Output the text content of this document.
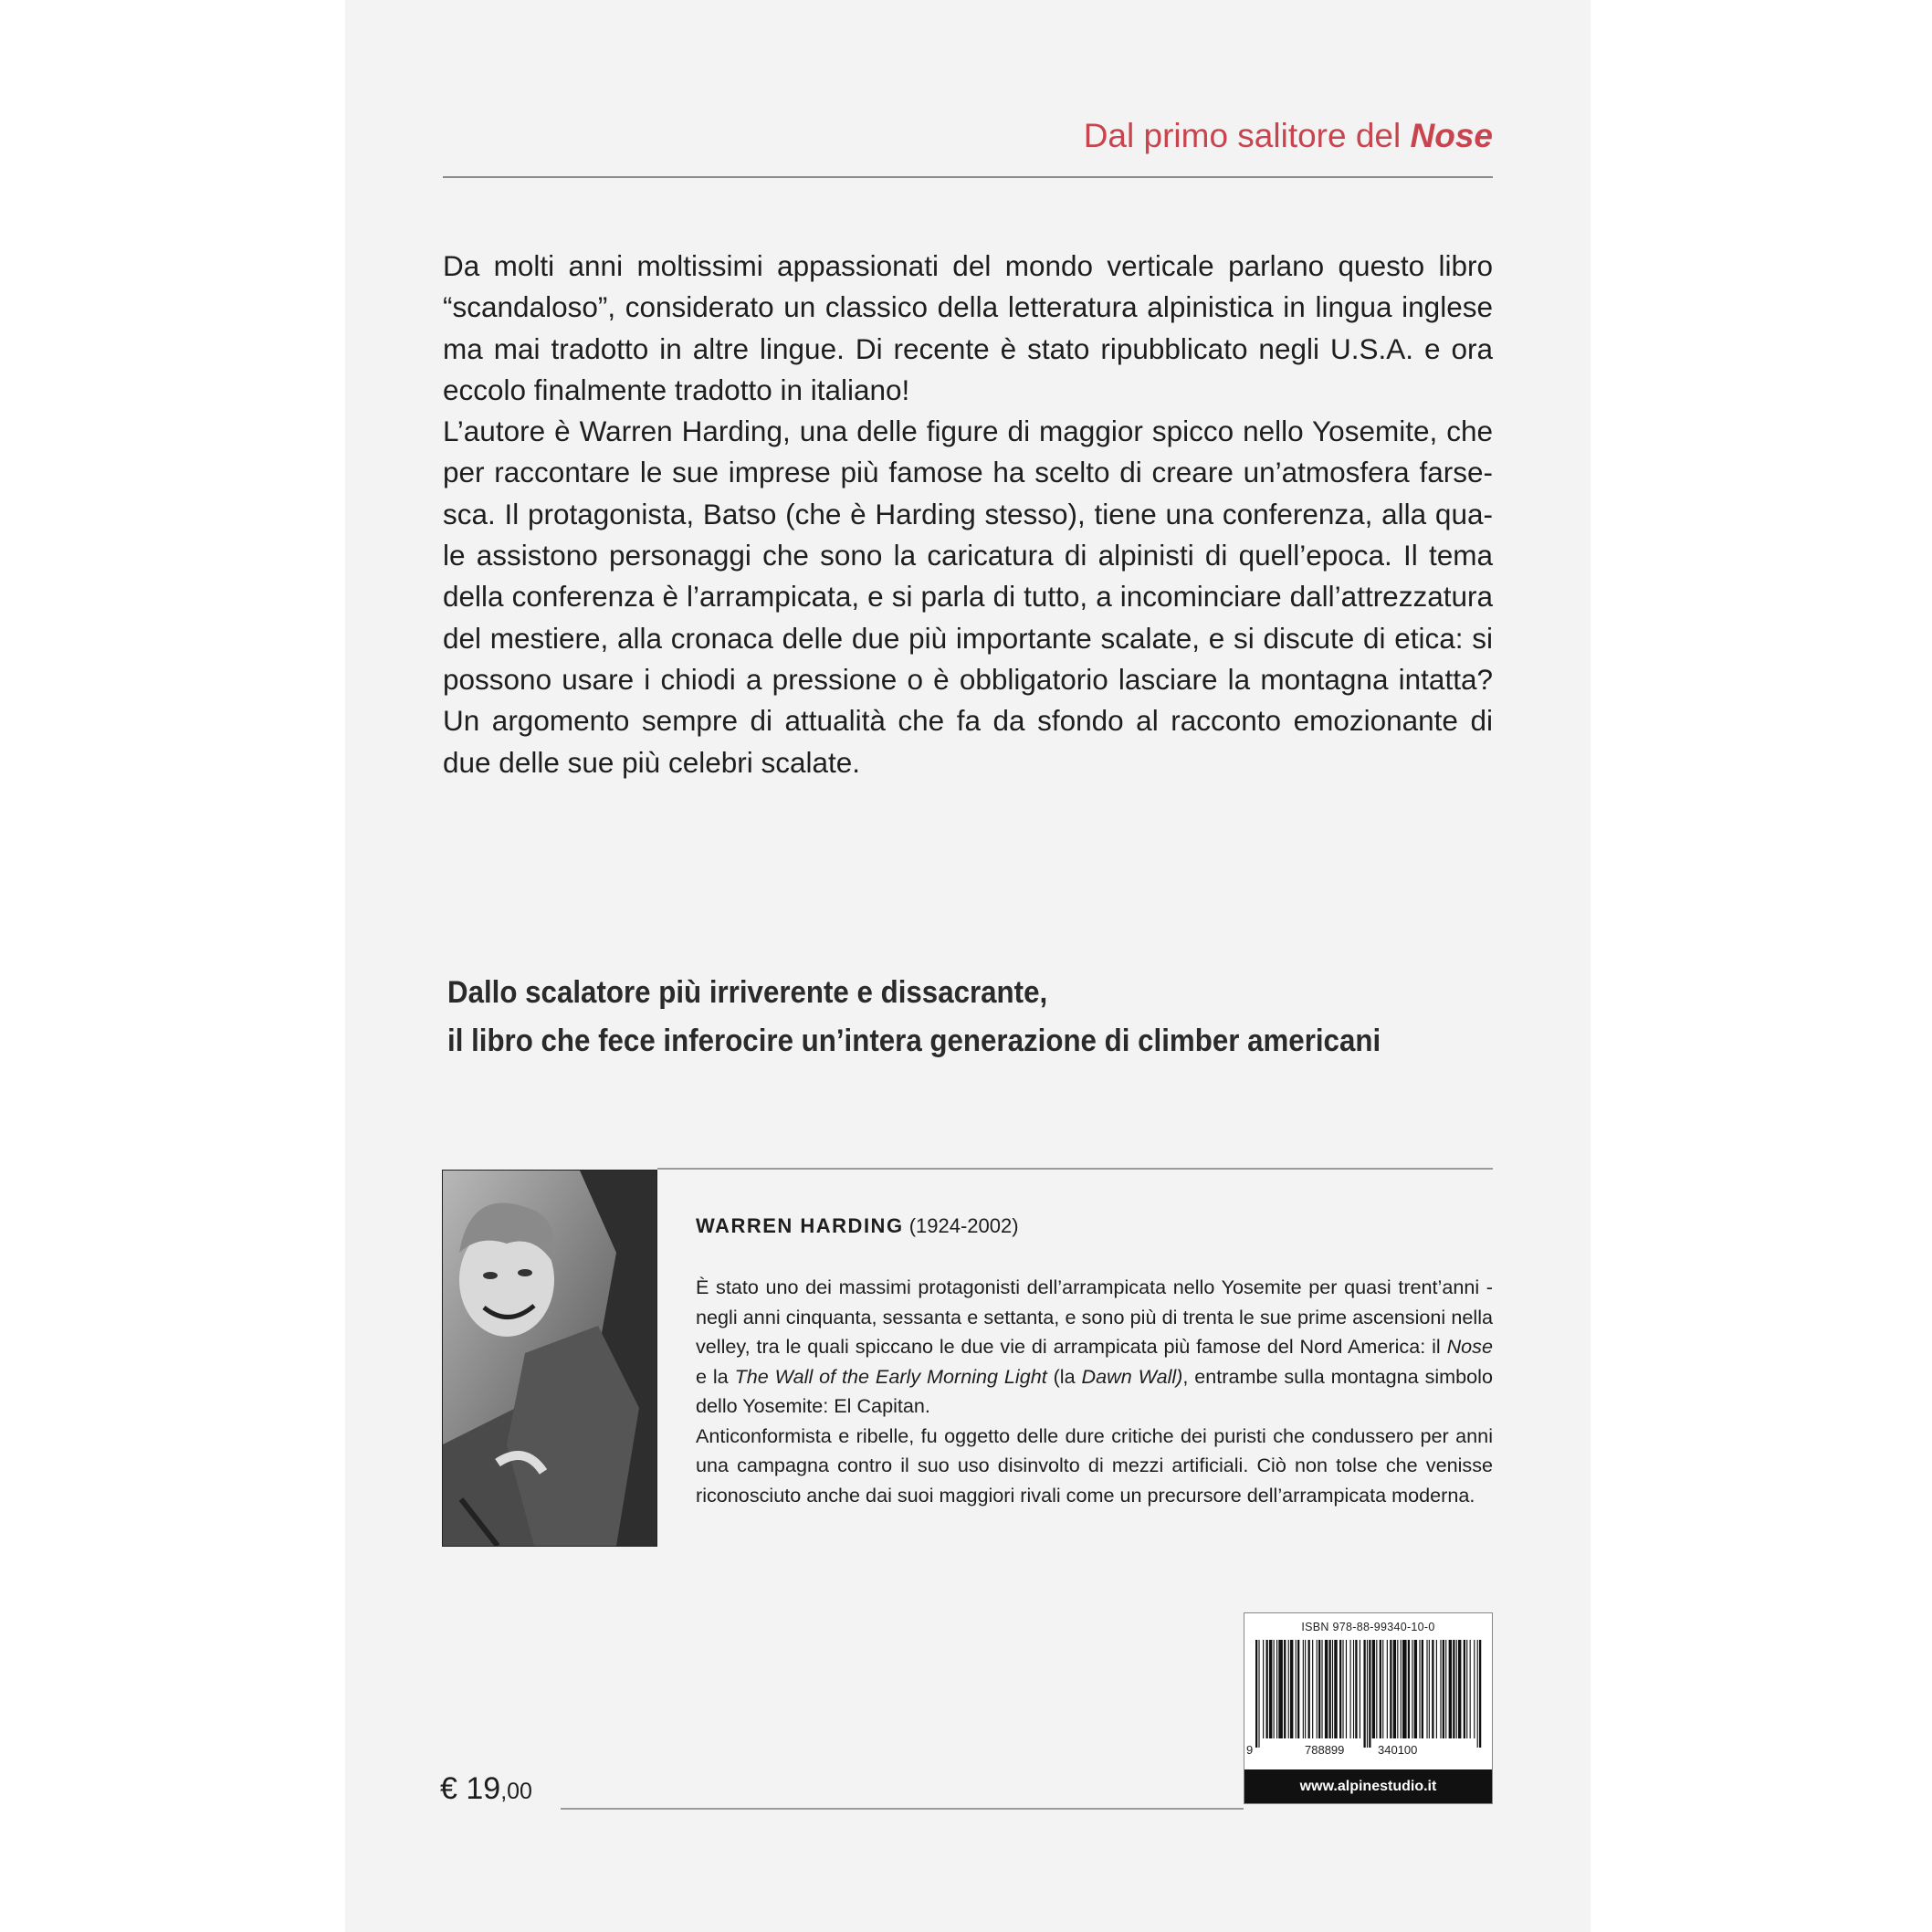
Dal primo salitore del Nose

Da molti anni moltissimi appassionati del mondo verticale parlano questo libro “scandaloso”, considerato un classico della letteratura alpinistica in lingua inglese ma mai tradotto in altre lingue. Di recente è stato ripubblicato negli U.S.A. e ora eccolo finalmente tradotto in italiano!

L’autore è Warren Harding, una delle figure di maggior spicco nello Yosemite, che per raccontare le sue imprese più famose ha scelto di creare un’atmosfera farsesca. Il protagonista, Batso (che è Harding stesso), tiene una conferenza, alla quale assistono personaggi che sono la caricatura di alpinisti di quell’epoca. Il tema della conferenza è l’arrampicata, e si parla di tutto, a incominciare dall’attrezzatura del mestiere, alla cronaca delle due più importante scalate, e si discute di etica: si possono usare i chiodi a pressione o è obbligatorio lasciare la montagna intatta? Un argomento sempre di attualità che fa da sfondo al racconto emozionante di due delle sue più celebri scalate.

Dallo scalatore più irriverente e dissacrante,
il libro che fece inferocire un’intera generazione di climber americani
WARREN HARDING (1924-2002)

È stato uno dei massimi protagonisti dell’arrampicata nello Yosemite per quasi trent’anni - negli anni cinquanta, sessanta e settanta, e sono più di trenta le sue prime ascensioni nella velley, tra le quali spiccano le due vie di arrampicata più famose del Nord America: il Nose e la The Wall of the Early Morning Light (la Dawn Wall), entrambe sulla montagna simbolo dello Yosemite: El Capitan.

Anticonformista e ribelle, fu oggetto delle dure critiche dei puristi che condussero per anni una campagna contro il suo uso disinvolto di mezzi artificiali. Ciò non tolse che venisse riconosciuto anche dai suoi maggiori rivali come un precursore dell’arrampicata moderna.

ISBN 978-88-99340-10-0
9	788899	340100
www.alpinestudio.it
€ 19,00
